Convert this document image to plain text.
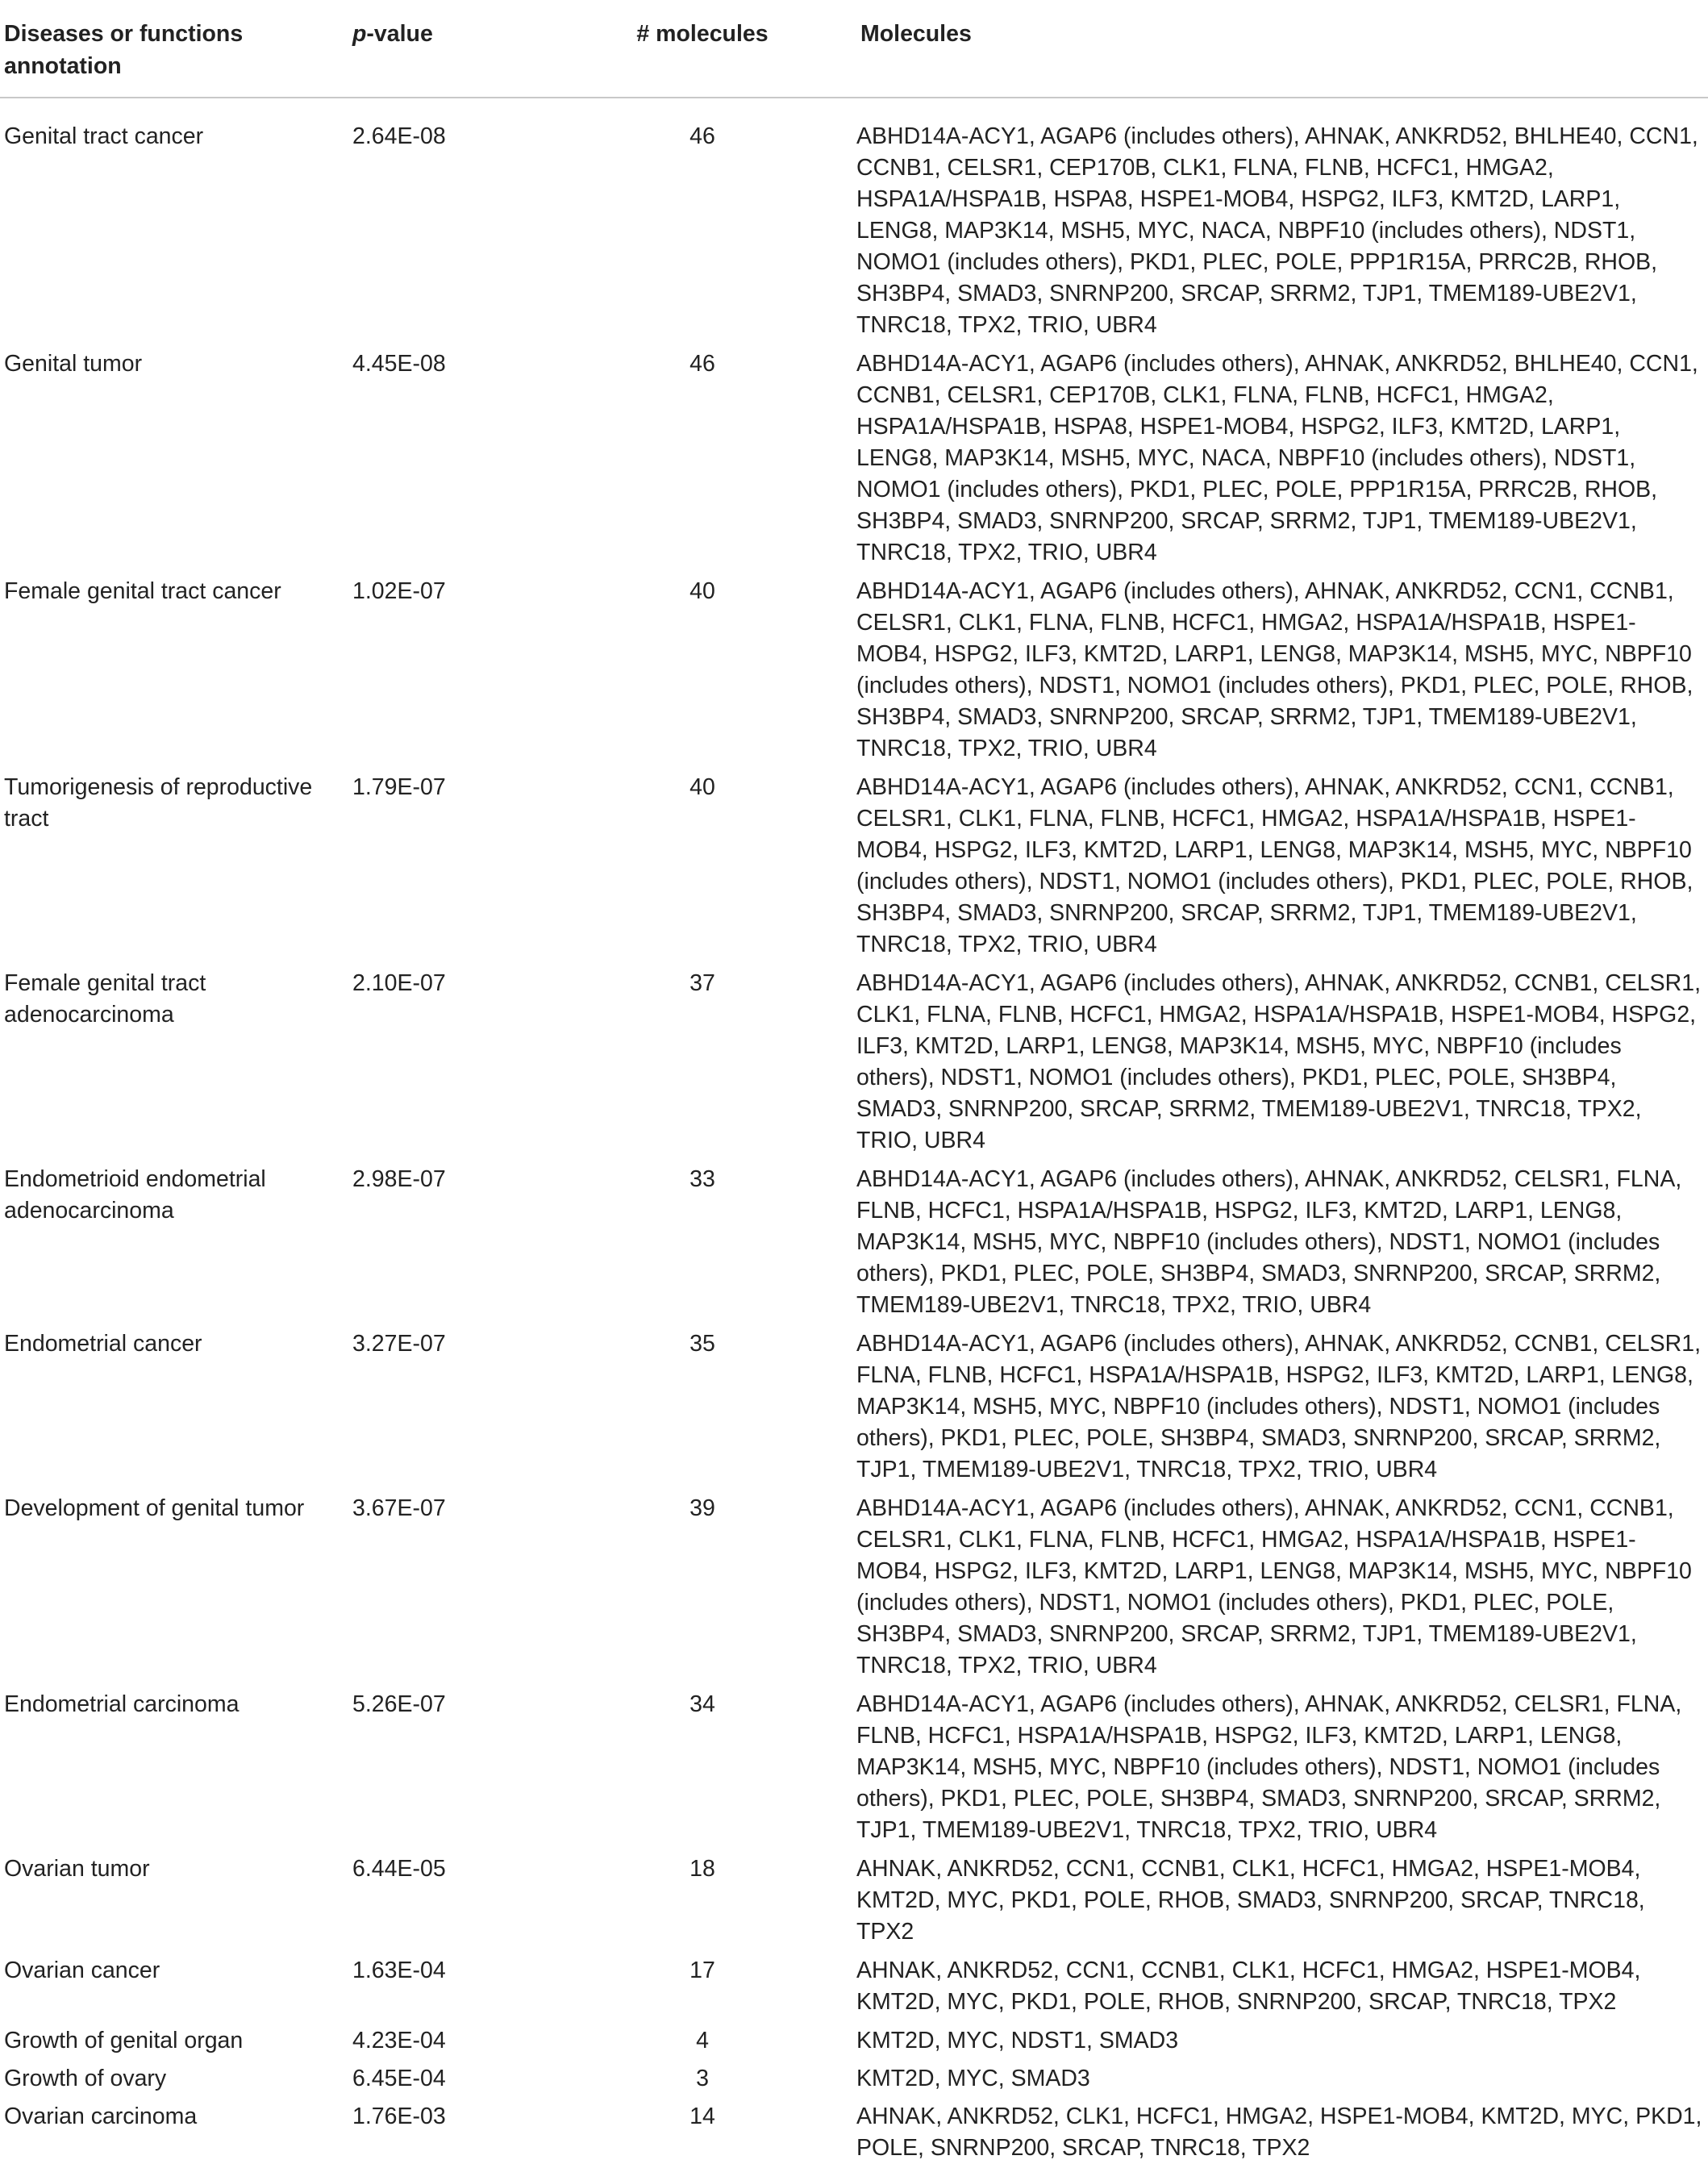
Diseases or functions annotation	p-value	# molecules	Molecules
Genital tract cancer	2.64E-08	46	ABHD14A-ACY1, AGAP6 (includes others), AHNAK, ANKRD52, BHLHE40, CCN1, CCNB1, CELSR1, CEP170B, CLK1, FLNA, FLNB, HCFC1, HMGA2, HSPA1A/HSPA1B, HSPA8, HSPE1-MOB4, HSPG2, ILF3, KMT2D, LARP1, LENG8, MAP3K14, MSH5, MYC, NACA, NBPF10 (includes others), NDST1, NOMO1 (includes others), PKD1, PLEC, POLE, PPP1R15A, PRRC2B, RHOB, SH3BP4, SMAD3, SNRNP200, SRCAP, SRRM2, TJP1, TMEM189-UBE2V1, TNRC18, TPX2, TRIO, UBR4
Genital tumor	4.45E-08	46	ABHD14A-ACY1, AGAP6 (includes others), AHNAK, ANKRD52, BHLHE40, CCN1, CCNB1, CELSR1, CEP170B, CLK1, FLNA, FLNB, HCFC1, HMGA2, HSPA1A/HSPA1B, HSPA8, HSPE1-MOB4, HSPG2, ILF3, KMT2D, LARP1, LENG8, MAP3K14, MSH5, MYC, NACA, NBPF10 (includes others), NDST1, NOMO1 (includes others), PKD1, PLEC, POLE, PPP1R15A, PRRC2B, RHOB, SH3BP4, SMAD3, SNRNP200, SRCAP, SRRM2, TJP1, TMEM189-UBE2V1, TNRC18, TPX2, TRIO, UBR4
Female genital tract cancer	1.02E-07	40	ABHD14A-ACY1, AGAP6 (includes others), AHNAK, ANKRD52, CCN1, CCNB1, CELSR1, CLK1, FLNA, FLNB, HCFC1, HMGA2, HSPA1A/HSPA1B, HSPE1-MOB4, HSPG2, ILF3, KMT2D, LARP1, LENG8, MAP3K14, MSH5, MYC, NBPF10 (includes others), NDST1, NOMO1 (includes others), PKD1, PLEC, POLE, RHOB, SH3BP4, SMAD3, SNRNP200, SRCAP, SRRM2, TJP1, TMEM189-UBE2V1, TNRC18, TPX2, TRIO, UBR4
Tumorigenesis of reproductive tract	1.79E-07	40	ABHD14A-ACY1, AGAP6 (includes others), AHNAK, ANKRD52, CCN1, CCNB1, CELSR1, CLK1, FLNA, FLNB, HCFC1, HMGA2, HSPA1A/HSPA1B, HSPE1-MOB4, HSPG2, ILF3, KMT2D, LARP1, LENG8, MAP3K14, MSH5, MYC, NBPF10 (includes others), NDST1, NOMO1 (includes others), PKD1, PLEC, POLE, RHOB, SH3BP4, SMAD3, SNRNP200, SRCAP, SRRM2, TJP1, TMEM189-UBE2V1, TNRC18, TPX2, TRIO, UBR4
Female genital tract adenocarcinoma	2.10E-07	37	ABHD14A-ACY1, AGAP6 (includes others), AHNAK, ANKRD52, CCNB1, CELSR1, CLK1, FLNA, FLNB, HCFC1, HMGA2, HSPA1A/HSPA1B, HSPE1-MOB4, HSPG2, ILF3, KMT2D, LARP1, LENG8, MAP3K14, MSH5, MYC, NBPF10 (includes others), NDST1, NOMO1 (includes others), PKD1, PLEC, POLE, SH3BP4, SMAD3, SNRNP200, SRCAP, SRRM2, TMEM189-UBE2V1, TNRC18, TPX2, TRIO, UBR4
Endometrioid endometrial adenocarcinoma	2.98E-07	33	ABHD14A-ACY1, AGAP6 (includes others), AHNAK, ANKRD52, CELSR1, FLNA, FLNB, HCFC1, HSPA1A/HSPA1B, HSPG2, ILF3, KMT2D, LARP1, LENG8, MAP3K14, MSH5, MYC, NBPF10 (includes others), NDST1, NOMO1 (includes others), PKD1, PLEC, POLE, SH3BP4, SMAD3, SNRNP200, SRCAP, SRRM2, TMEM189-UBE2V1, TNRC18, TPX2, TRIO, UBR4
Endometrial cancer	3.27E-07	35	ABHD14A-ACY1, AGAP6 (includes others), AHNAK, ANKRD52, CCNB1, CELSR1, FLNA, FLNB, HCFC1, HSPA1A/HSPA1B, HSPG2, ILF3, KMT2D, LARP1, LENG8, MAP3K14, MSH5, MYC, NBPF10 (includes others), NDST1, NOMO1 (includes others), PKD1, PLEC, POLE, SH3BP4, SMAD3, SNRNP200, SRCAP, SRRM2, TJP1, TMEM189-UBE2V1, TNRC18, TPX2, TRIO, UBR4
Development of genital tumor	3.67E-07	39	ABHD14A-ACY1, AGAP6 (includes others), AHNAK, ANKRD52, CCN1, CCNB1, CELSR1, CLK1, FLNA, FLNB, HCFC1, HMGA2, HSPA1A/HSPA1B, HSPE1-MOB4, HSPG2, ILF3, KMT2D, LARP1, LENG8, MAP3K14, MSH5, MYC, NBPF10 (includes others), NDST1, NOMO1 (includes others), PKD1, PLEC, POLE, SH3BP4, SMAD3, SNRNP200, SRCAP, SRRM2, TJP1, TMEM189-UBE2V1, TNRC18, TPX2, TRIO, UBR4
Endometrial carcinoma	5.26E-07	34	ABHD14A-ACY1, AGAP6 (includes others), AHNAK, ANKRD52, CELSR1, FLNA, FLNB, HCFC1, HSPA1A/HSPA1B, HSPG2, ILF3, KMT2D, LARP1, LENG8, MAP3K14, MSH5, MYC, NBPF10 (includes others), NDST1, NOMO1 (includes others), PKD1, PLEC, POLE, SH3BP4, SMAD3, SNRNP200, SRCAP, SRRM2, TJP1, TMEM189-UBE2V1, TNRC18, TPX2, TRIO, UBR4
Ovarian tumor	6.44E-05	18	AHNAK, ANKRD52, CCN1, CCNB1, CLK1, HCFC1, HMGA2, HSPE1-MOB4, KMT2D, MYC, PKD1, POLE, RHOB, SMAD3, SNRNP200, SRCAP, TNRC18, TPX2
Ovarian cancer	1.63E-04	17	AHNAK, ANKRD52, CCN1, CCNB1, CLK1, HCFC1, HMGA2, HSPE1-MOB4, KMT2D, MYC, PKD1, POLE, RHOB, SNRNP200, SRCAP, TNRC18, TPX2
Growth of genital organ	4.23E-04	4	KMT2D, MYC, NDST1, SMAD3
Growth of ovary	6.45E-04	3	KMT2D, MYC, SMAD3
Ovarian carcinoma	1.76E-03	14	AHNAK, ANKRD52, CLK1, HCFC1, HMGA2, HSPE1-MOB4, KMT2D, MYC, PKD1, POLE, SNRNP200, SRCAP, TNRC18, TPX2
